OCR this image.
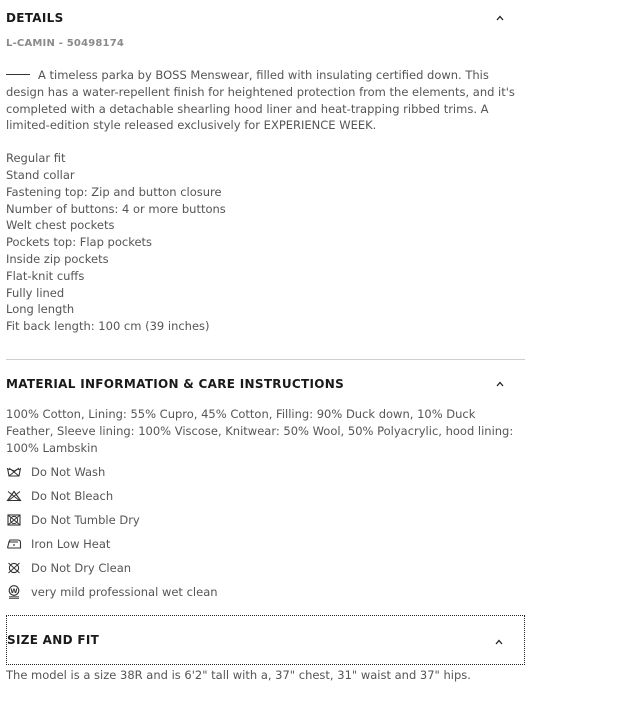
DETAILS
L-CAMIN - 50498174

A timeless parka by BOSS Menswear, filled with insulating certified down. This design has a water-repellent finish for heightened protection from the elements, and it's completed with a detachable shearling hood liner and heat-trapping ribbed trims. A limited-edition style released exclusively for EXPERIENCE WEEK.

Regular fit
Stand collar
Fastening top: Zip and button closure
Number of buttons: 4 or more buttons
Welt chest pockets
Pockets top: Flap pockets
Inside zip pockets
Flat-knit cuffs
Fully lined
Long length
Fit back length: 100 cm (39 inches)
MATERIAL INFORMATION & CARE INSTRUCTIONS

100% Cotton, Lining: 55% Cupro, 45% Cotton, Filling: 90% Duck down, 10% Duck Feather, Sleeve lining: 100% Viscose, Knitwear: 50% Wool, 50% Polyacrylic, hood lining: 100% Lambskin

Do Not Wash
Do Not Bleach
Do Not Tumble Dry
Iron Low Heat
Do Not Dry Clean
W very mild professional wet clean
SIZE AND FIT
The model is a size 38R and is 6'2" tall with a, 37" chest, 31" waist and 37" hips.
